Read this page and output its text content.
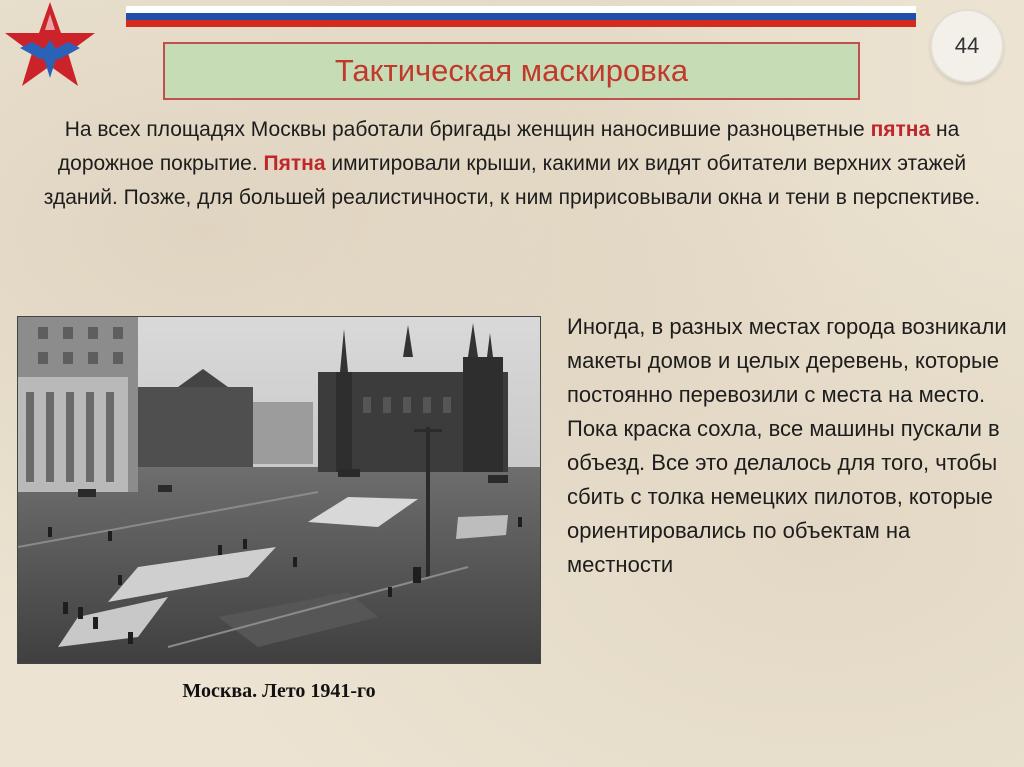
44
Тактическая маскировка
На всех площадях Москвы работали бригады женщин наносившие разноцветные пятна на дорожное покрытие. Пятна имитировали крыши, какими их видят обитатели верхних этажей зданий. Позже, для большей реалистичности, к ним пририсовывали окна и тени в перспективе.
Москва. Лето 1941-го
Иногда, в разных местах города возникали макеты домов и целых деревень, которые постоянно перевозили с места на место. Пока краска сохла, все машины пускали в объезд. Все это делалось для того, чтобы сбить с толка немецких пилотов, которые ориентировались по объектам на местности
